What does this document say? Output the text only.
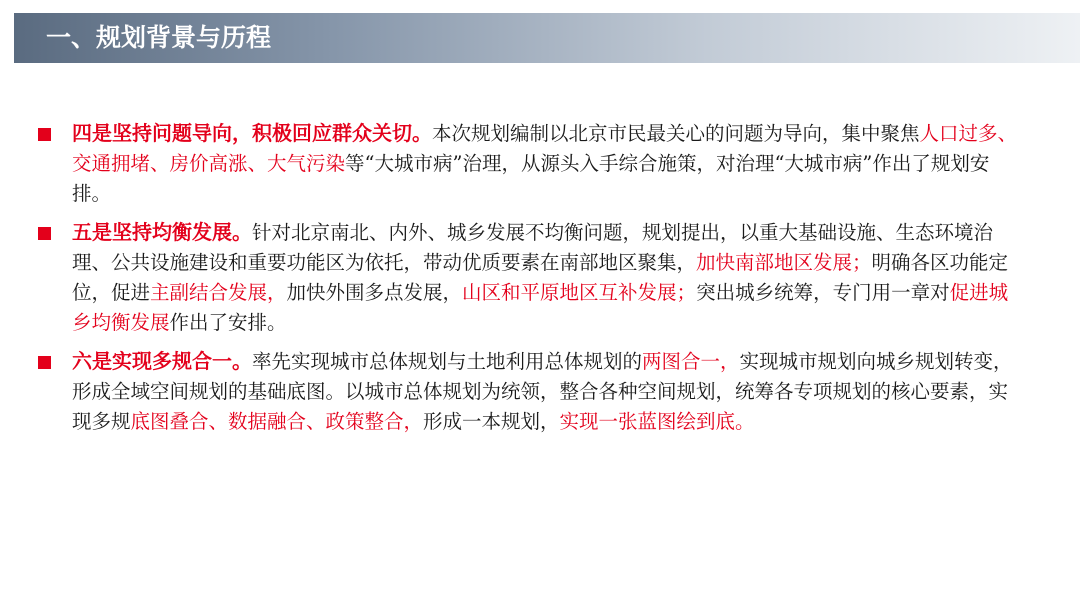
一、规划背景与历程
四是坚持问题导向，积极回应群众关切。本次规划编制以北京市民最关心的问题为导向，集中聚焦人口过多、交通拥堵、房价高涨、大气污染等“大城市病”治理，从源头入手综合施策，对治理“大城市病”作出了规划安排。
五是坚持均衡发展。针对北京南北、内外、城乡发展不均衡问题，规划提出，以重大基础设施、生态环境治理、公共设施建设和重要功能区为依托，带动优质要素在南部地区聚集，加快南部地区发展；明确各区功能定位，促进主副结合发展，加快外围多点发展，山区和平原地区互补发展；突出城乡统筹，专门用一章对促进城乡均衡发展作出了安排。
六是实现多规合一。率先实现城市总体规划与土地利用总体规划的两图合一，实现城市规划向城乡规划转变，形成全域空间规划的基础底图。以城市总体规划为统领，整合各种空间规划，统筹各专项规划的核心要素，实现多规底图叠合、数据融合、政策整合，形成一本规划，实现一张蓝图绘到底。
